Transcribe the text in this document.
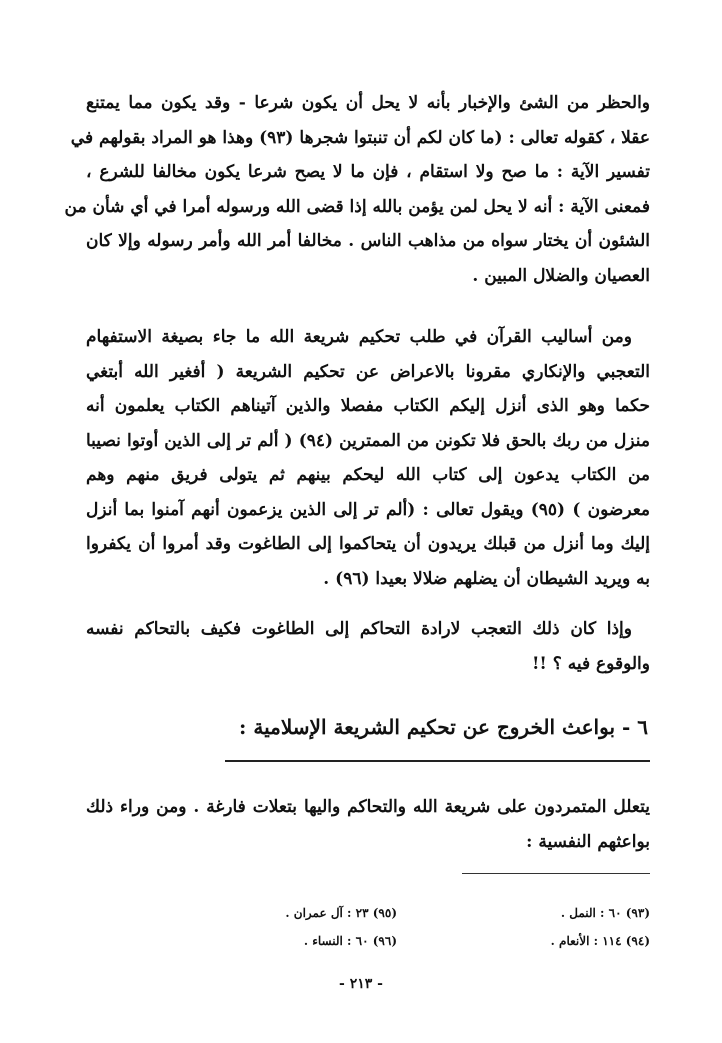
والحظر من الشئ والإخبار بأنه لا يحل أن يكون شرعا - وقد يكون مما يمتنع
عقلا ، كقوله تعالى : (ما كان لكم أن تنبتوا شجرها (٩٣) وهذا هو المراد بقولهم في
تفسير الآية : ما صح ولا استقام ، فإن ما لا يصح شرعا يكون مخالفا للشرع ،
فمعنى الآية : أنه لا يحل لمن يؤمن بالله إذا قضى الله ورسوله أمرا في أي شأن من
الشئون أن يختار سواه من مذاهب الناس . مخالفا أمر الله وأمر رسوله وإلا كان
العصيان والضلال المبين .
ومن أساليب القرآن في طلب تحكيم شريعة الله ما جاء بصيغة الاستفهام
التعجبي والإنكاري مقرونا بالاعراض عن تحكيم الشريعة ( أفغير الله أبتغي
حكما وهو الذى أنزل إليكم الكتاب مفصلا والذين آتيناهم الكتاب يعلمون أنه
منزل من ربك بالحق فلا تكونن من الممترين (٩٤) ( ألم تر إلى الذين أوتوا نصيبا
من الكتاب يدعون إلى كتاب الله ليحكم بينهم ثم يتولى فريق منهم وهم
معرضون ) (٩٥) ويقول تعالى : (ألم تر إلى الذين يزعمون أنهم آمنوا بما أنزل
إليك وما أنزل من قبلك يريدون أن يتحاكموا إلى الطاغوت وقد أمروا أن يكفروا
به ويريد الشيطان أن يضلهم ضلالا بعيدا (٩٦) .
وإذا كان ذلك التعجب لارادة التحاكم إلى الطاغوت فكيف بالتحاكم نفسه
والوقوع فيه ؟ !!
٦ - بواعث الخروج عن تحكيم الشريعة الإسلامية :
يتعلل المتمردون على شريعة الله والتحاكم واليها بتعلات فارغة . ومن وراء ذلك
بواعثهم النفسية :
(٩٣) ٦٠ : النمل .
(٩٤) ١١٤ : الأنعام .
(٩٥) ٢٣ : آل عمران .
(٩٦) ٦٠ : النساء .
- ٢١٣ -
